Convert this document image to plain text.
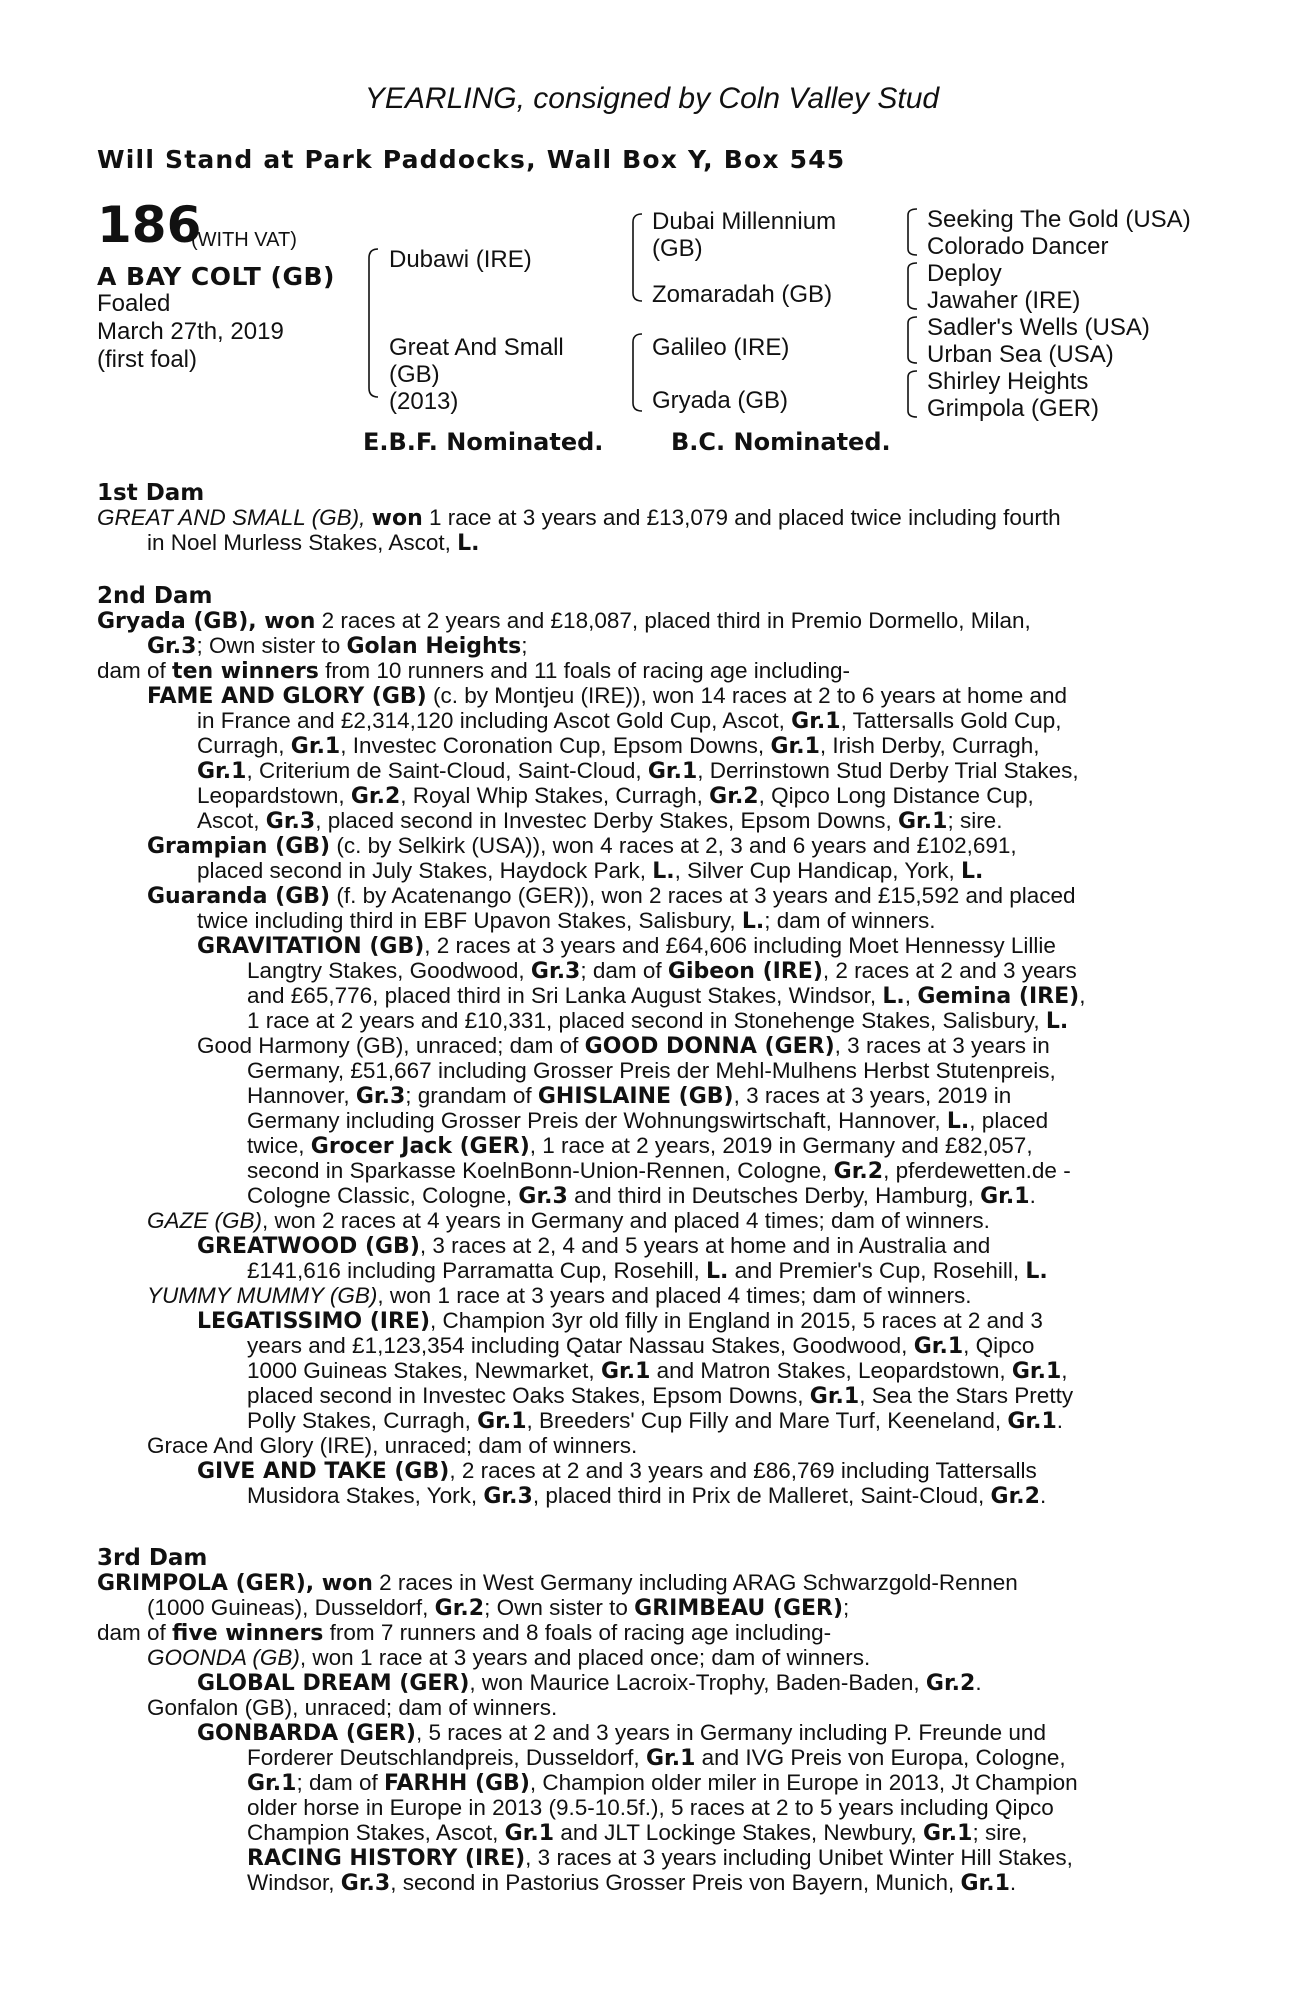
YEARLING, consigned by Coln Valley Stud
Will Stand at Park Paddocks, Wall Box Y, Box 545
186
(WITH VAT)
A BAY COLT (GB)
Foaled
March 27th, 2019
(first foal)
Dubawi (IRE)
Great And Small
(GB)
(2013)
Dubai Millennium
(GB)
Zomaradah (GB)
Galileo (IRE)
Gryada (GB)
Seeking The Gold (USA)
Colorado Dancer
Deploy
Jawaher (IRE)
Sadler's Wells (USA)
Urban Sea (USA)
Shirley Heights
Grimpola (GER)
E.B.F. Nominated.	B.C. Nominated.
1st Dam
2nd Dam
3rd Dam
GREAT AND SMALL (GB), won 1 race at 3 years and £13,079 and placed twice including fourth
in Noel Murless Stakes, Ascot, L.
Gryada (GB), won 2 races at 2 years and £18,087, placed third in Premio Dormello, Milan,
Gr.3; Own sister to Golan Heights;
dam of ten winners from 10 runners and 11 foals of racing age including-
FAME AND GLORY (GB) (c. by Montjeu (IRE)), won 14 races at 2 to 6 years at home and
in France and £2,314,120 including Ascot Gold Cup, Ascot, Gr.1, Tattersalls Gold Cup,
Curragh, Gr.1, Investec Coronation Cup, Epsom Downs, Gr.1, Irish Derby, Curragh,
Gr.1, Criterium de Saint-Cloud, Saint-Cloud, Gr.1, Derrinstown Stud Derby Trial Stakes,
Leopardstown, Gr.2, Royal Whip Stakes, Curragh, Gr.2, Qipco Long Distance Cup,
Ascot, Gr.3, placed second in Investec Derby Stakes, Epsom Downs, Gr.1; sire.
Grampian (GB) (c. by Selkirk (USA)), won 4 races at 2, 3 and 6 years and £102,691,
placed second in July Stakes, Haydock Park, L., Silver Cup Handicap, York, L.
Guaranda (GB) (f. by Acatenango (GER)), won 2 races at 3 years and £15,592 and placed
twice including third in EBF Upavon Stakes, Salisbury, L.; dam of winners.
GRAVITATION (GB), 2 races at 3 years and £64,606 including Moet Hennessy Lillie
Langtry Stakes, Goodwood, Gr.3; dam of Gibeon (IRE), 2 races at 2 and 3 years
and £65,776, placed third in Sri Lanka August Stakes, Windsor, L., Gemina (IRE),
1 race at 2 years and £10,331, placed second in Stonehenge Stakes, Salisbury, L.
Good Harmony (GB), unraced; dam of GOOD DONNA (GER), 3 races at 3 years in
Germany, £51,667 including Grosser Preis der Mehl-Mulhens Herbst Stutenpreis,
Hannover, Gr.3; grandam of GHISLAINE (GB), 3 races at 3 years, 2019 in
Germany including Grosser Preis der Wohnungswirtschaft, Hannover, L., placed
twice, Grocer Jack (GER), 1 race at 2 years, 2019 in Germany and £82,057,
second in Sparkasse KoelnBonn-Union-Rennen, Cologne, Gr.2, pferdewetten.de -
Cologne Classic, Cologne, Gr.3 and third in Deutsches Derby, Hamburg, Gr.1.
GAZE (GB), won 2 races at 4 years in Germany and placed 4 times; dam of winners.
GREATWOOD (GB), 3 races at 2, 4 and 5 years at home and in Australia and
£141,616 including Parramatta Cup, Rosehill, L. and Premier's Cup, Rosehill, L.
YUMMY MUMMY (GB), won 1 race at 3 years and placed 4 times; dam of winners.
LEGATISSIMO (IRE), Champion 3yr old filly in England in 2015, 5 races at 2 and 3
years and £1,123,354 including Qatar Nassau Stakes, Goodwood, Gr.1, Qipco
1000 Guineas Stakes, Newmarket, Gr.1 and Matron Stakes, Leopardstown, Gr.1,
placed second in Investec Oaks Stakes, Epsom Downs, Gr.1, Sea the Stars Pretty
Polly Stakes, Curragh, Gr.1, Breeders' Cup Filly and Mare Turf, Keeneland, Gr.1.
Grace And Glory (IRE), unraced; dam of winners.
GIVE AND TAKE (GB), 2 races at 2 and 3 years and £86,769 including Tattersalls
Musidora Stakes, York, Gr.3, placed third in Prix de Malleret, Saint-Cloud, Gr.2.
GRIMPOLA (GER), won 2 races in West Germany including ARAG Schwarzgold-Rennen
(1000 Guineas), Dusseldorf, Gr.2; Own sister to GRIMBEAU (GER);
dam of five winners from 7 runners and 8 foals of racing age including-
GOONDA (GB), won 1 race at 3 years and placed once; dam of winners.
GLOBAL DREAM (GER), won Maurice Lacroix-Trophy, Baden-Baden, Gr.2.
Gonfalon (GB), unraced; dam of winners.
GONBARDA (GER), 5 races at 2 and 3 years in Germany including P. Freunde und
Forderer Deutschlandpreis, Dusseldorf, Gr.1 and IVG Preis von Europa, Cologne,
Gr.1; dam of FARHH (GB), Champion older miler in Europe in 2013, Jt Champion
older horse in Europe in 2013 (9.5-10.5f.), 5 races at 2 to 5 years including Qipco
Champion Stakes, Ascot, Gr.1 and JLT Lockinge Stakes, Newbury, Gr.1; sire,
RACING HISTORY (IRE), 3 races at 3 years including Unibet Winter Hill Stakes,
Windsor, Gr.3, second in Pastorius Grosser Preis von Bayern, Munich, Gr.1.
